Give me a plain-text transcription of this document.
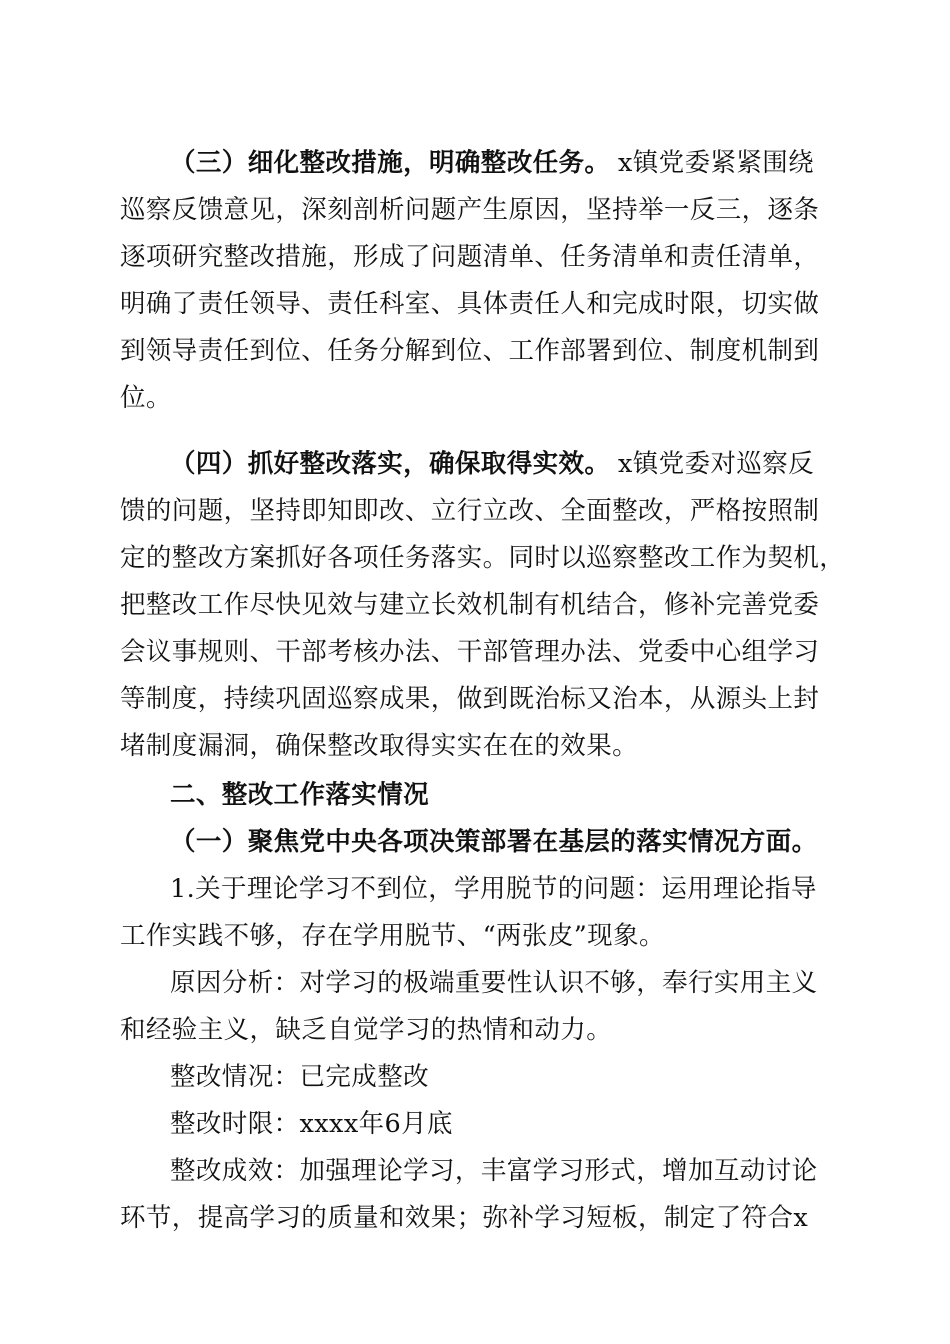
（三）细化整改措施，明确整改任务。 x镇党委紧紧围绕

巡察反馈意见，深刻剖析问题产生原因，坚持举一反三，逐条

逐项研究整改措施，形成了问题清单、任务清单和责任清单，

明确了责任领导、责任科室、具体责任人和完成时限，切实做

到领导责任到位、任务分解到位、工作部署到位、制度机制到

位。

（四）抓好整改落实，确保取得实效。 x镇党委对巡察反

馈的问题，坚持即知即改、立行立改、全面整改，严格按照制

定的整改方案抓好各项任务落实。同时以巡察整改工作为契机，

把整改工作尽快见效与建立长效机制有机结合，修补完善党委

会议事规则、干部考核办法、干部管理办法、党委中心组学习

等制度，持续巩固巡察成果，做到既治标又治本，从源头上封

堵制度漏洞，确保整改取得实实在在的效果。

二、整改工作落实情况

（一）聚焦党中央各项决策部署在基层的落实情况方面。

1.关于理论学习不到位，学用脱节的问题：运用理论指导

工作实践不够，存在学用脱节、“两张皮”现象。

原因分析：对学习的极端重要性认识不够，奉行实用主义

和经验主义，缺乏自觉学习的热情和动力。

整改情况：已完成整改

整改时限：xxxx年6月底

整改成效：加强理论学习，丰富学习形式，增加互动讨论

环节，提高学习的质量和效果；弥补学习短板，制定了符合x
